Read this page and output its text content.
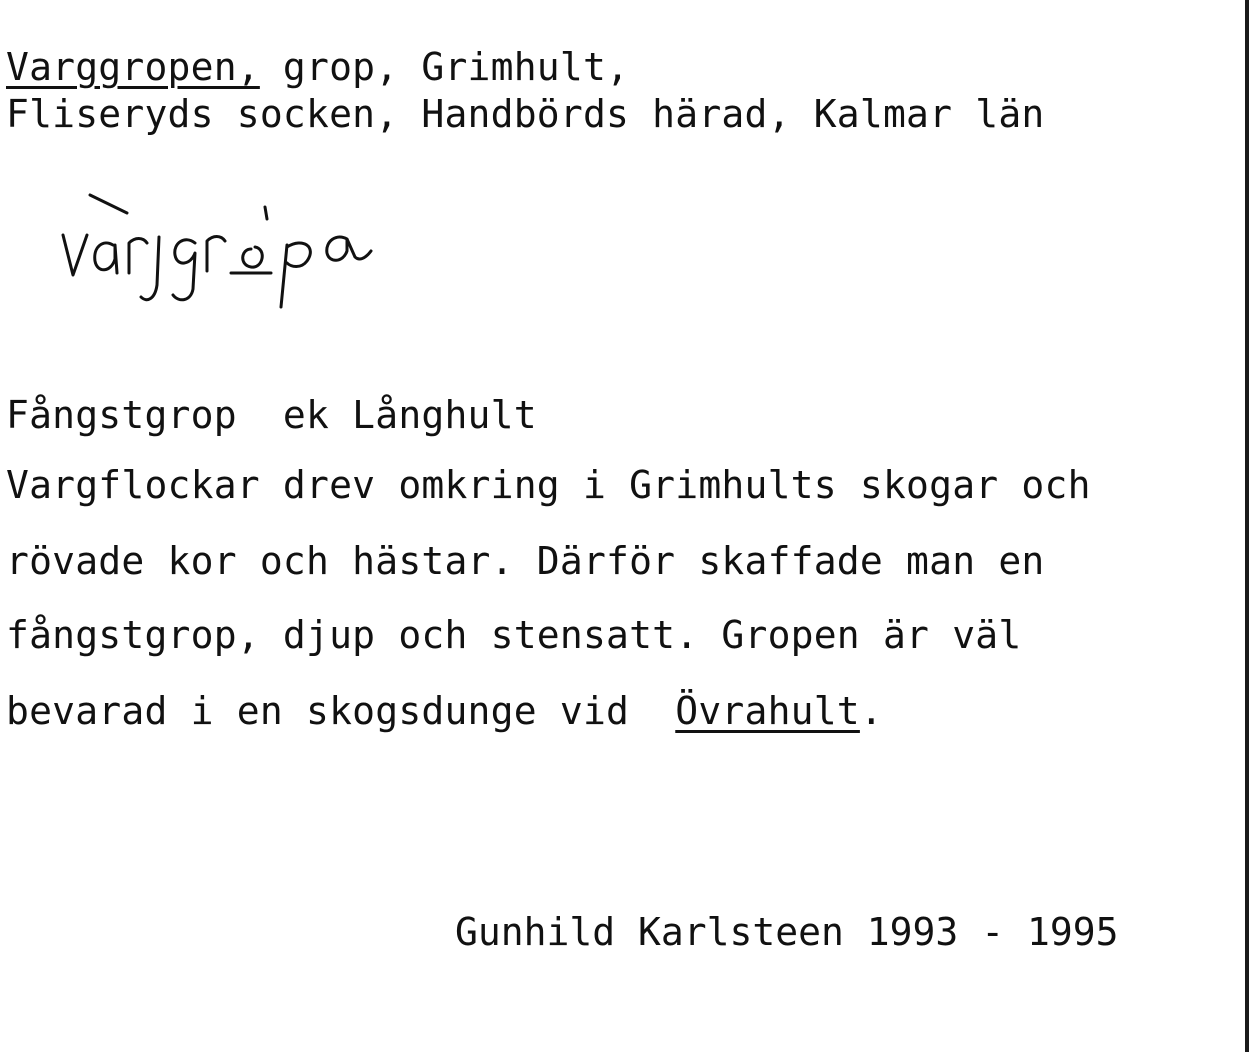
Varggropen, grop, Grimhult,

Fliseryds socken, Handbörds härad, Kalmar län

Fångstgrop  ek Långhult

Vargflockar drev omkring i Grimhults skogar och

rövade kor och hästar. Därför skaffade man en

fångstgrop, djup och stensatt. Gropen är väl

bevarad i en skogsdunge vid  Övrahult.

Gunhild Karlsteen 1993 - 1995
